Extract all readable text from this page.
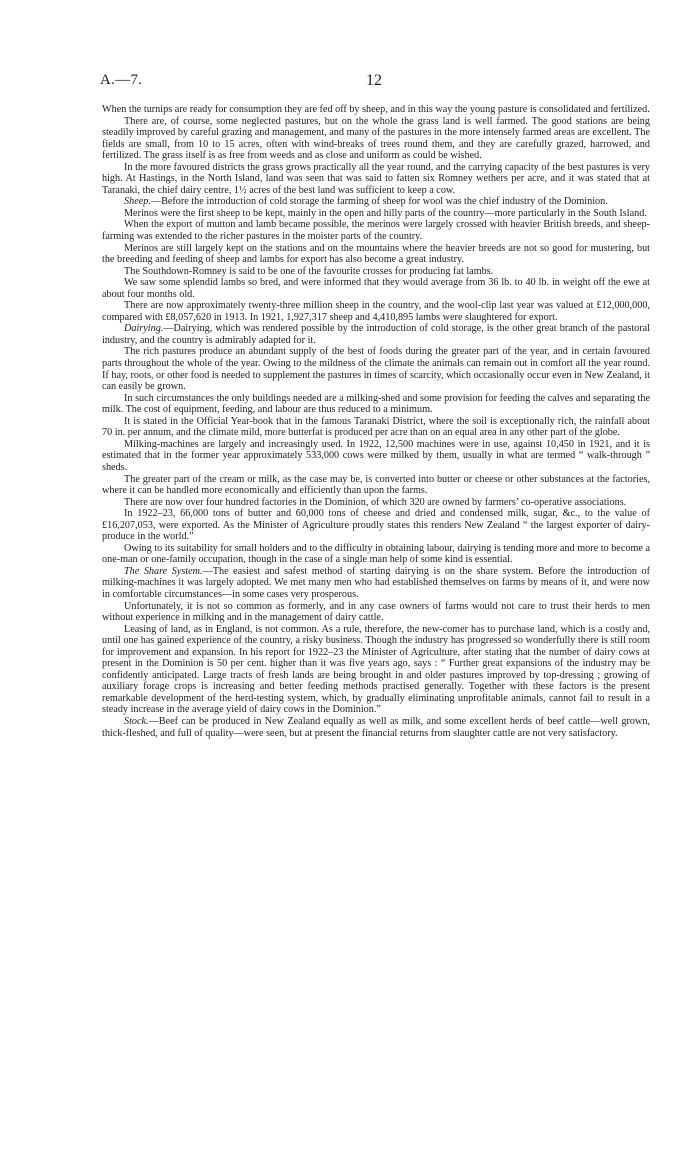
A.—7.	12

When the turnips are ready for consumption they are fed off by sheep, and in this way the young pasture is consolidated and fertilized.

There are, of course, some neglected pastures, but on the whole the grass land is well farmed. The good stations are being steadily improved by careful grazing and management, and many of the pastures in the more intensely farmed areas are excellent. The fields are small, from 10 to 15 acres, often with wind-breaks of trees round them, and they are carefully grazed, harrowed, and fertilized. The grass itself is as free from weeds and as close and uniform as could be wished.

In the more favoured districts the grass grows practically all the year round, and the carrying capacity of the best pastures is very high. At Hastings, in the North Island, land was seen that was said to fatten six Romney wethers per acre, and it was stated that at Taranaki, the chief dairy centre, 1½ acres of the best land was sufficient to keep a cow.

Sheep.—Before the introduction of cold storage the farming of sheep for wool was the chief industry of the Dominion.

Merinos were the first sheep to be kept, mainly in the open and hilly parts of the country—more particularly in the South Island.

When the export of mutton and lamb became possible, the merinos were largely crossed with heavier British breeds, and sheep-farming was extended to the richer pastures in the moister parts of the country.

Merinos are still largely kept on the stations and on the mountains where the heavier breeds are not so good for mustering, but the breeding and feeding of sheep and lambs for export has also become a great industry.

The Southdown-Romney is said to be one of the favourite crosses for producing fat lambs.

We saw some splendid lambs so bred, and were informed that they would average from 36 lb. to 40 lb. in weight off the ewe at about four months old.

There are now approximately twenty-three million sheep in the country, and the wool-clip last year was valued at £12,000,000, compared with £8,057,620 in 1913. In 1921, 1,927,317 sheep and 4,410,895 lambs were slaughtered for export.

Dairying.—Dairying, which was rendered possible by the introduction of cold storage, is the other great branch of the pastoral industry, and the country is admirably adapted for it.

The rich pastures produce an abundant supply of the best of foods during the greater part of the year, and in certain favoured parts throughout the whole of the year. Owing to the mildness of the climate the animals can remain out in comfort all the year round. If hay, roots, or other food is needed to supplement the pastures in times of scarcity, which occasionally occur even in New Zealand, it can easily be grown.

In such circumstances the only buildings needed are a milking-shed and some provision for feeding the calves and separating the milk. The cost of equipment, feeding, and labour are thus reduced to a minimum.

It is stated in the Official Year-book that in the famous Taranaki District, where the soil is exceptionally rich, the rainfall about 70 in. per annum, and the climate mild, more butterfat is produced per acre than on an equal area in any other part of the globe.

Milking-machines are largely and increasingly used. In 1922, 12,500 machines were in use, against 10,450 in 1921, and it is estimated that in the former year approximately 533,000 cows were milked by them, usually in what are termed “ walk-through ” sheds.

The greater part of the cream or milk, as the case may be, is converted into butter or cheese or other substances at the factories, where it can be handled more economically and efficiently than upon the farms.

There are now over four hundred factories in the Dominion, of which 320 are owned by farmers’ co-operative associations.

In 1922–23, 66,000 tons of butter and 60,000 tons of cheese and dried and condensed milk, sugar, &c., to the value of £16,207,053, were exported. As the Minister of Agriculture proudly states this renders New Zealand “ the largest exporter of dairy-produce in the world.”

Owing to its suitability for small holders and to the difficulty in obtaining labour, dairying is tending more and more to become a one-man or one-family occupation, though in the case of a single man help of some kind is essential.

The Share System.—The easiest and safest method of starting dairying is on the share system. Before the introduction of milking-machines it was largely adopted. We met many men who had established themselves on farms by means of it, and were now in comfortable circumstances—in some cases very prosperous.

Unfortunately, it is not so common as formerly, and in any case owners of farms would not care to trust their herds to men without experience in milking and in the management of dairy cattle.

Leasing of land, as in England, is not common. As a rule, therefore, the new-comer has to purchase land, which is a costly and, until one has gained experience of the country, a risky business. Though the industry has progressed so wonderfully there is still room for improvement and expansion. In his report for 1922–23 the Minister of Agriculture, after stating that the number of dairy cows at present in the Dominion is 50 per cent. higher than it was five years ago, says : “ Further great expansions of the industry may be confidently anticipated. Large tracts of fresh lands are being brought in and older pastures improved by top-dressing ; growing of auxiliary forage crops is increasing and better feeding methods practised generally. Together with these factors is the present remarkable development of the herd-testing system, which, by gradually eliminating unprofitable animals, cannot fail to result in a steady increase in the average yield of dairy cows in the Dominion.”

Stock.—Beef can be produced in New Zealand equally as well as milk, and some excellent herds of beef cattle—well grown, thick-fleshed, and full of quality—were seen, but at present the financial returns from slaughter cattle are not very satisfactory.
